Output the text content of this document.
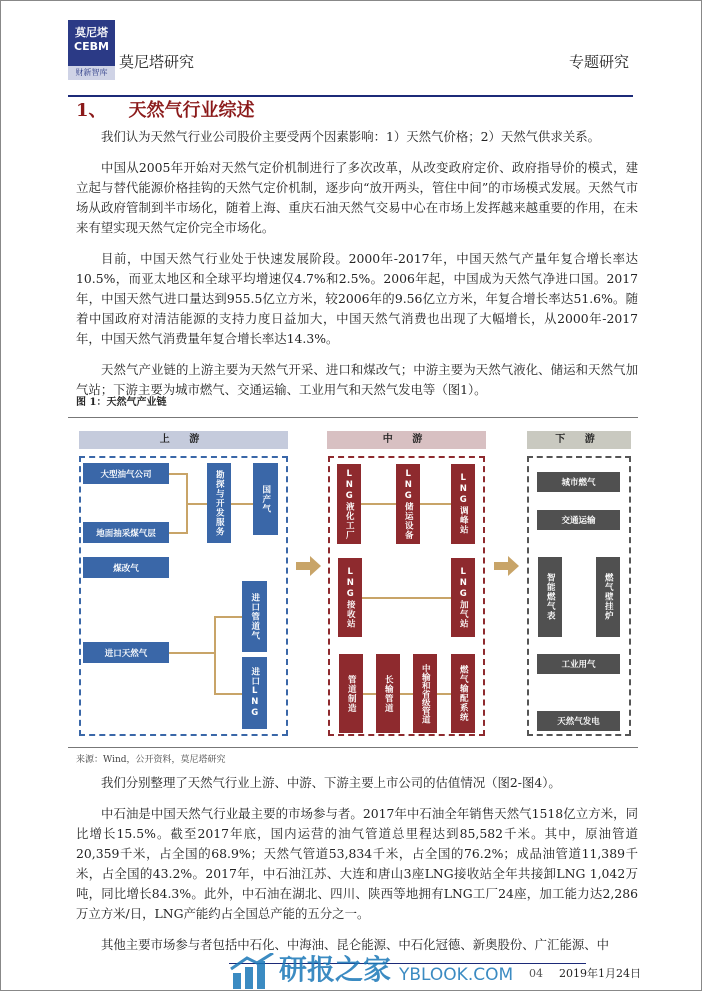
莫尼塔
CEBM
财新智库
莫尼塔研究	专题研究
1、 天然气行业综述
我们认为天然气行业公司股价主要受两个因素影响：1）天然气价格；2）天然气供求关系。
中国从2005年开始对天然气定价机制进行了多次改革，从改变政府定价、政府指导价的模式，建立起与替代能源价格挂钩的天然气定价机制，逐步向“放开两头，管住中间”的市场模式发展。天然气市场从政府管制到半市场化，随着上海、重庆石油天然气交易中心在市场上发挥越来越重要的作用，在未来有望实现天然气定价完全市场化。
目前，中国天然气行业处于快速发展阶段。2000年-2017年，中国天然气产量年复合增长率达10.5%，而亚太地区和全球平均增速仅4.7%和2.5%。2006年起，中国成为天然气净进口国。2017年，中国天然气进口量达到955.5亿立方米，较2006年的9.56亿立方米，年复合增长率达51.6%。随着中国政府对清洁能源的支持力度日益加大，中国天然气消费也出现了大幅增长，从2000年-2017年，中国天然气消费量年复合增长率达14.3%。
天然气产业链的上游主要为天然气开采、进口和煤改气；中游主要为天然气液化、储运和天然气加气站；下游主要为城市燃气、交通运输、工业用气和天然气发电等（图1）。
图 1：天然气产业链
上 游	中 游	下 游
大型油气公司
地面抽采煤气层
煤改气
进口天然气
勘探与开发服务	国产气
进口管道气
进口LNG
LNG液化工厂	LNG储运设备	LNG调峰站
LNG接收站	LNG加气站
管道制造	长输管道	中输和省级管道	燃气输配系统
城市燃气
交通运输
智能燃气表	燃气壁挂炉
工业用气
天然气发电
来源：Wind，公开资料，莫尼塔研究
我们分别整理了天然气行业上游、中游、下游主要上市公司的估值情况（图2-图4）。
中石油是中国天然气行业最主要的市场参与者。2017年中石油全年销售天然气1518亿立方米，同比增长15.5%。截至2017年底，国内运营的油气管道总里程达到85,582千米。其中，原油管道20,359千米，占全国的68.9%；天然气管道53,834千米，占全国的76.2%；成品油管道11,389千米，占全国的43.2%。2017年，中石油江苏、大连和唐山3座LNG接收站全年共接卸LNG 1,042万吨，同比增长84.3%。此外，中石油在湖北、四川、陕西等地拥有LNG工厂24座，加工能力达2,286万立方米/日，LNG产能约占全国总产能的五分之一。
其他主要市场参与者包括中石化、中海油、昆仑能源、中石化冠德、新奥股份、广汇能源、中
研报之家 YBLOOK.COM 04 2019年1月24日
